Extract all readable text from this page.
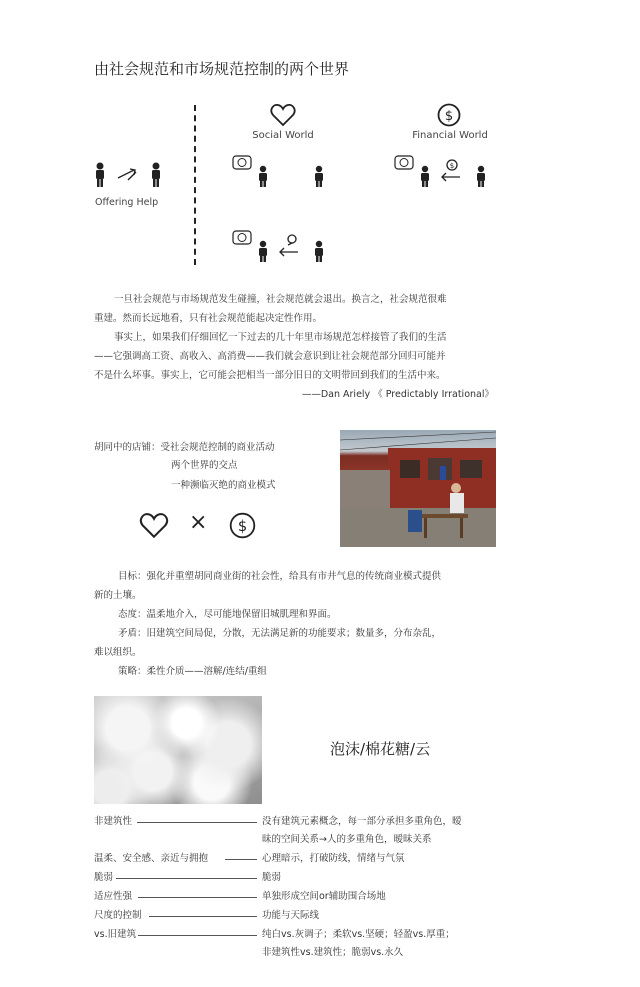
由社会规范和市场规范控制的两个世界
Offering Help
Social World
$
Financial World
$
一旦社会规范与市场规范发生碰撞，社会规范就会退出。换言之，社会规范很难
重建。然而长远地看，只有社会规范能起决定性作用。
事实上，如果我们仔细回忆一下过去的几十年里市场规范怎样接管了我们的生活
——它强调高工资、高收入、高消费——我们就会意识到让社会规范部分回归可能并
不是什么坏事。事实上，它可能会把相当一部分旧日的文明带回到我们的生活中来。
——Dan Ariely 《 Predictably Irrational》
胡同中的店铺：受社会规范控制的商业活动
两个世界的交点
一种濒临灭绝的商业模式
× $
目标：强化并重塑胡同商业街的社会性，给具有市井气息的传统商业模式提供
新的土壤。
态度：温柔地介入，尽可能地保留旧城肌理和界面。
矛盾：旧建筑空间局促，分散，无法满足新的功能要求；数量多，分布杂乱，
难以组织。
策略：柔性介质——溶解/连结/重组
泡沫/棉花糖/云
非建筑性	没有建筑元素概念，每一部分承担多重角色，暧
昧的空间关系→人的多重角色，暧昧关系
温柔、安全感、亲近与拥抱	心理暗示，打破防线，情绪与气氛
脆弱	脆弱
适应性强	单独形成空间or辅助围合场地
尺度的控制	功能与天际线
vs.旧建筑	纯白vs.灰调子；柔软vs.坚硬；轻盈vs.厚重；
非建筑性vs.建筑性；脆弱vs.永久
